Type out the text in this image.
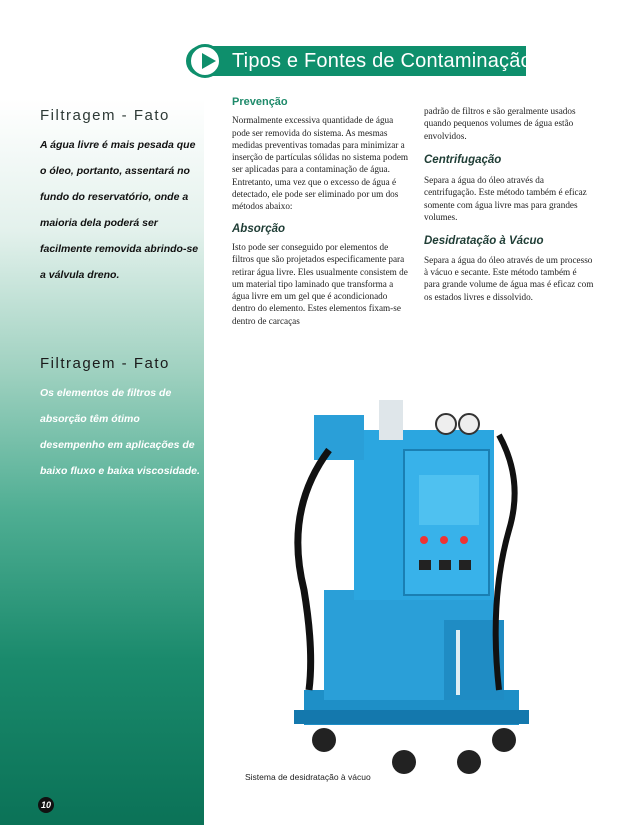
Filtragem - Fato

A água livre é mais pesada que o óleo, portanto, assentará no fundo do reservatório, onde a maioria dela poderá ser facilmente removida abrindo-se a válvula dreno.

Filtragem - Fato

Os elementos de filtros de absorção têm ótimo desempenho em aplicações de baixo fluxo e baixa viscosidade.

Tipos e Fontes de Contaminação

Prevenção

Normalmente excessiva quantidade de água pode ser removida do sistema. As mesmas medidas preventivas tomadas para minimizar a inserção de partículas sólidas no sistema podem ser aplicadas para a contaminação de água. Entretanto, uma vez que o excesso de água é detectado, ele pode ser eliminado por um dos métodos abaixo:

Absorção

Isto pode ser conseguido por elementos de filtros que são projetados especificamente para retirar água livre. Eles usualmente consistem de um material tipo laminado que transforma a água livre em um gel que é acondicionado dentro do elemento. Estes elementos fixam-se dentro de carcaças

padrão de filtros e são geralmente usados quando pequenos volumes de água estão envolvidos.

Centrifugação

Separa a água do óleo através da centrifugação. Este método também é eficaz somente com água livre mas para grandes volumes.

Desidratação à Vácuo

Separa a água do óleo através de um processo à vácuo e secante. Este método também é para grande volume de água mas é eficaz com os estados livres e dissolvido.

Sistema de desidratação à vácuo
10
